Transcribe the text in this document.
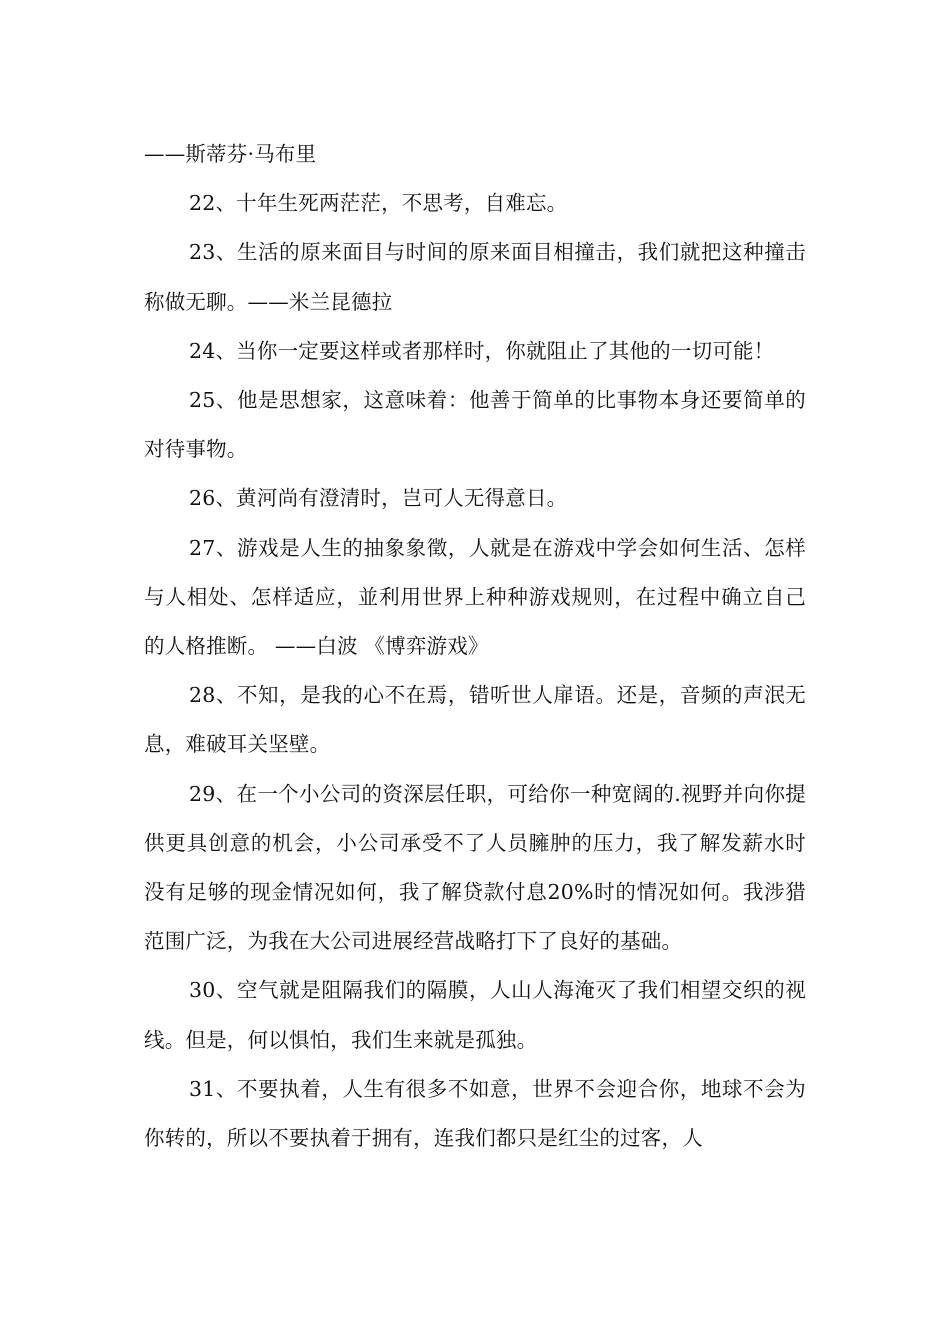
——斯蒂芬·马布里

22、十年生死两茫茫，不思考，自难忘。

23、生活的原来面目与时间的原来面目相撞击，我们就把这种撞击称做无聊。——米兰昆德拉

24、当你一定要这样或者那样时，你就阻止了其他的一切可能！

25、他是思想家，这意味着：他善于简单的比事物本身还要简单的对待事物。

26、黄河尚有澄清时，岂可人无得意日。

27、游戏是人生的抽象象徵，人就是在游戏中学会如何生活、怎样与人相处、怎样适应，並利用世界上种种游戏规则，在过程中确立自己的人格推断。 ——白波 《博弈游戏》

28、不知，是我的心不在焉，错听世人扉语。还是，音频的声泯无息，难破耳关坚壁。

29、在一个小公司的资深层任职，可给你一种宽阔的.视野并向你提供更具创意的机会，小公司承受不了人员臃肿的压力，我了解发薪水时没有足够的现金情况如何，我了解贷款付息20%时的情况如何。我涉猎范围广泛，为我在大公司进展经营战略打下了良好的基础。

30、空气就是阻隔我们的隔膜，人山人海淹灭了我们相望交织的视线。但是，何以惧怕，我们生来就是孤独。

31、不要执着，人生有很多不如意，世界不会迎合你，地球不会为你转的，所以不要执着于拥有，连我们都只是红尘的过客，人
